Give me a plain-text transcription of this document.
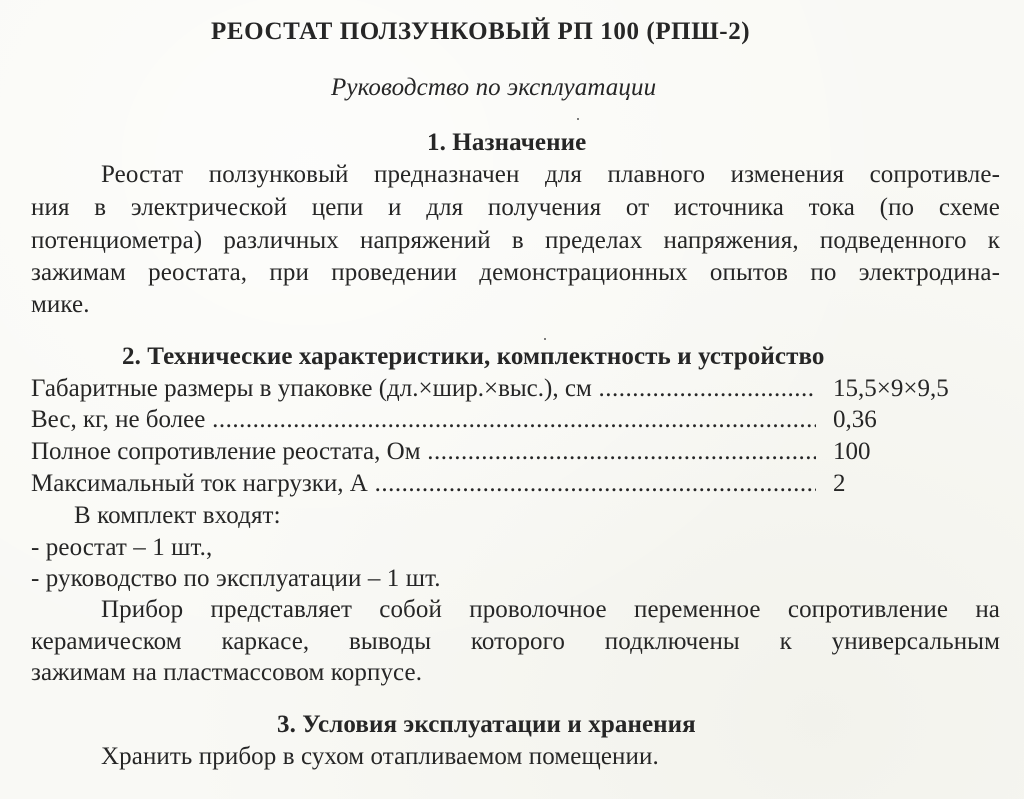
РЕОСТАТ ПОЛЗУНКОВЫЙ РП 100 (РПШ-2)
Руководство по эксплуатации
1. Назначение
Реостат ползунковый предназначен для плавного изменения сопротивле-
ния в электрической цепи и для получения от источника тока (по схеме
потенциометра) различных напряжений в пределах напряжения, подведенного к
зажимам реостата, при проведении демонстрационных опытов по электродина-
мике.
2. Технические характеристики, комплектность и устройство
Габаритные размеры в упаковке (дл.×шир.×выс.), см .....	15,5×9×9,5
Вес, кг, не более .....	0,36
Полное сопротивление реостата, Ом .....	100
Максимальный ток нагрузки, А .....	2
В комплект входят:
- реостат – 1 шт.,
- руководство по эксплуатации – 1 шт.
Прибор представляет собой проволочное переменное сопротивление на
керамическом каркасе, выводы которого подключены к универсальным
зажимам на пластмассовом корпусе.
3. Условия эксплуатации и хранения
Хранить прибор в сухом отапливаемом помещении.
